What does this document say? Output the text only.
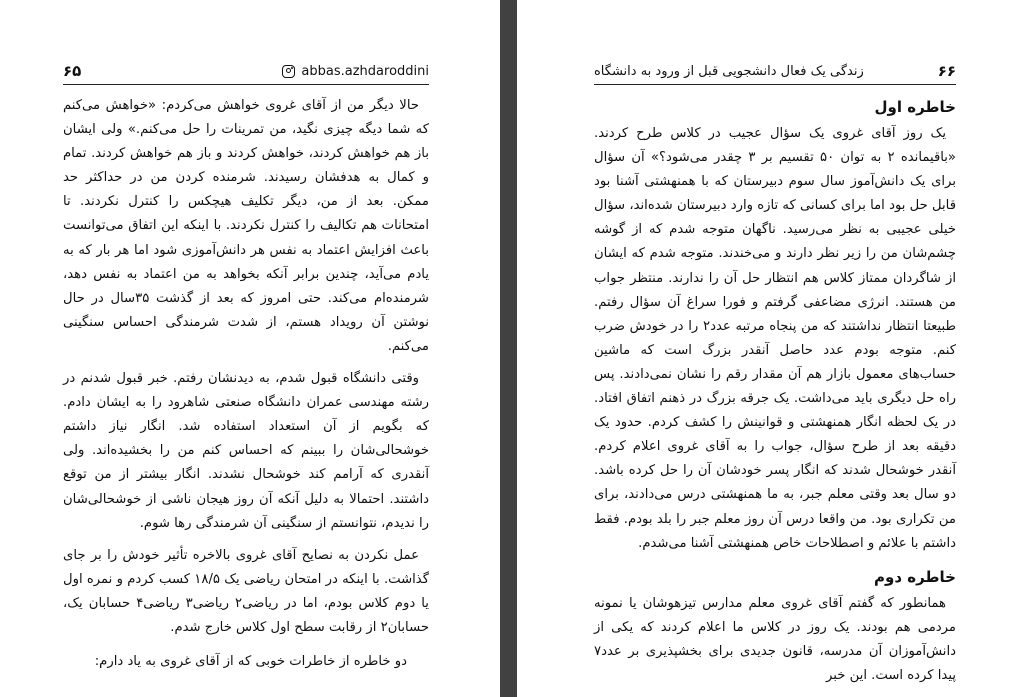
۶۵	abbas.azhdaroddini

حالا دیگر من از آقای غروی خواهش می‌کردم: «خواهش می‌کنم که شما دیگه چیزی نگید، من تمرینات را حل می‌کنم.» ولی ایشان باز هم خواهش کردند، خواهش کردند و باز هم خواهش کردند. تمام و کمال به هدفشان رسیدند. شرمنده کردن من در حداکثر حد ممکن. بعد از من، دیگر تکلیف هیچکس را کنترل نکردند. تا امتحانات هم تکالیف را کنترل نکردند. با اینکه این اتفاق می‌توانست باعث افزایش اعتماد به نفس هر دانش‌آموزی شود اما هر بار که به یادم می‌آید، چندین برابر آنکه بخواهد به من اعتماد به نفس دهد، شرمنده‌ام می‌کند. حتی امروز که بعد از گذشت ۳۵سال در حال نوشتن آن رویداد هستم، از شدت شرمندگی احساس سنگینی می‌کنم.

وقتی دانشگاه قبول شدم، به دیدنشان رفتم. خبر قبول شدنم در رشته مهندسی عمران دانشگاه صنعتی شاهرود را به ایشان دادم. که بگویم از آن استعداد استفاده شد. انگار نیاز داشتم خوشحالی‌شان را ببینم که احساس کنم من را بخشیده‌اند. ولی آنقدری که آرامم کند خوشحال نشدند. انگار بیشتر از من توقع داشتند. احتمالا به دلیل آنکه آن روز هیجان ناشی از خوشحالی‌شان را ندیدم، نتوانستم از سنگینی آن شرمندگی رها شوم.

عمل نکردن به نصایح آقای غروی بالاخره تأثیر خودش را بر جای گذاشت. با اینکه در امتحان ریاضی یک ۱۸/۵ کسب کردم و نمره اول یا دوم کلاس بودم، اما در ریاضی۲ ریاضی۳ ریاضی۴ حسابان یک، حسابان۲ از رقابت سطح اول کلاس خارج شدم.

دو خاطره از خاطرات خوبی که از آقای غروی به یاد دارم:

زندگی یک فعال دانشجویی قبل از ورود به دانشگاه	۶۶
خاطره اول

یک روز آقای غروی یک سؤال عجیب در کلاس طرح کردند. «باقیمانده ۲ به توان ۵۰ تقسیم بر ۳ چقدر می‌شود؟» آن سؤال برای یک دانش‌آموز سال سوم دبیرستان که با همنهشتی آشنا بود قابل حل بود اما برای کسانی که تازه وارد دبیرستان شده‌اند، سؤال خیلی عجیبی به نظر می‌رسید. ناگهان متوجه شدم که از گوشه چشم‌شان من را زیر نظر دارند و می‌خندند. متوجه شدم که ایشان از شاگردان ممتاز کلاس هم انتظار حل آن را ندارند. منتظر جواب من هستند. انرژی مضاعفی گرفتم و فورا سراغ آن سؤال رفتم. طبیعتا انتظار نداشتند که من پنجاه مرتبه عدد۲ را در خودش ضرب کنم. متوجه بودم عدد حاصل آنقدر بزرگ است که ماشین حساب‌های معمول بازار هم آن مقدار رقم را نشان نمی‌دادند. پس راه حل دیگری باید می‌داشت. یک جرقه بزرگ در ذهنم اتفاق افتاد. در یک لحظه انگار همنهشتی و قوانینش را کشف کردم. حدود یک دقیقه بعد از طرح سؤال، جواب را به آقای غروی اعلام کردم. آنقدر خوشحال شدند که انگار پسر خودشان آن را حل کرده باشد. دو سال بعد وقتی معلم جبر، به ما همنهشتی درس می‌دادند، برای من تکراری بود. من واقعا درس آن روز معلم جبر را بلد بودم. فقط داشتم با علائم و اصطلاحات خاص همنهشتی آشنا می‌شدم.

خاطره دوم

همانطور که گفتم آقای غروی معلم مدارس تیزهوشان یا نمونه مردمی هم بودند. یک روز در کلاس ما اعلام کردند که یکی از دانش‌آموزان آن مدرسه، قانون جدیدی برای بخشپذیری بر عدد۷ پیدا کرده است. این خبر
